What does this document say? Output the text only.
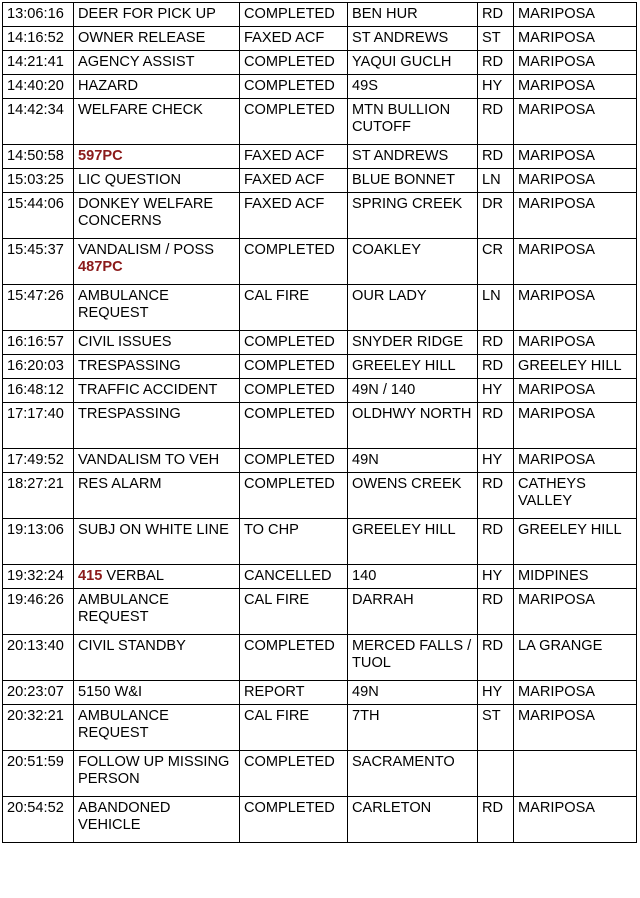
13:06:16	DEER FOR PICK UP	COMPLETED	BEN HUR	RD	MARIPOSA
14:16:52	OWNER RELEASE	FAXED ACF	ST ANDREWS	ST	MARIPOSA
14:21:41	AGENCY ASSIST	COMPLETED	YAQUI GUCLH	RD	MARIPOSA
14:40:20	HAZARD	COMPLETED	49S	HY	MARIPOSA
14:42:34	WELFARE CHECK	COMPLETED	MTN BULLION CUTOFF	RD	MARIPOSA
14:50:58	597PC	FAXED ACF	ST ANDREWS	RD	MARIPOSA
15:03:25	LIC QUESTION	FAXED ACF	BLUE BONNET	LN	MARIPOSA
15:44:06	DONKEY WELFARE CONCERNS	FAXED ACF	SPRING CREEK	DR	MARIPOSA
15:45:37	VANDALISM / POSS 487PC	COMPLETED	COAKLEY	CR	MARIPOSA
15:47:26	AMBULANCE REQUEST	CAL FIRE	OUR LADY	LN	MARIPOSA
16:16:57	CIVIL ISSUES	COMPLETED	SNYDER RIDGE	RD	MARIPOSA
16:20:03	TRESPASSING	COMPLETED	GREELEY HILL	RD	GREELEY HILL
16:48:12	TRAFFIC ACCIDENT	COMPLETED	49N / 140	HY	MARIPOSA
17:17:40	TRESPASSING	COMPLETED	OLDHWY NORTH	RD	MARIPOSA
17:49:52	VANDALISM TO VEH	COMPLETED	49N	HY	MARIPOSA
18:27:21	RES ALARM	COMPLETED	OWENS CREEK	RD	CATHEYS VALLEY
19:13:06	SUBJ ON WHITE LINE	TO CHP	GREELEY HILL	RD	GREELEY HILL
19:32:24	415 VERBAL	CANCELLED	140	HY	MIDPINES
19:46:26	AMBULANCE REQUEST	CAL FIRE	DARRAH	RD	MARIPOSA
20:13:40	CIVIL STANDBY	COMPLETED	MERCED FALLS / TUOL	RD	LA GRANGE
20:23:07	5150 W&I	REPORT	49N	HY	MARIPOSA
20:32:21	AMBULANCE REQUEST	CAL FIRE	7TH	ST	MARIPOSA
20:51:59	FOLLOW UP MISSING PERSON	COMPLETED	SACRAMENTO		
20:54:52	ABANDONED VEHICLE	COMPLETED	CARLETON	RD	MARIPOSA
